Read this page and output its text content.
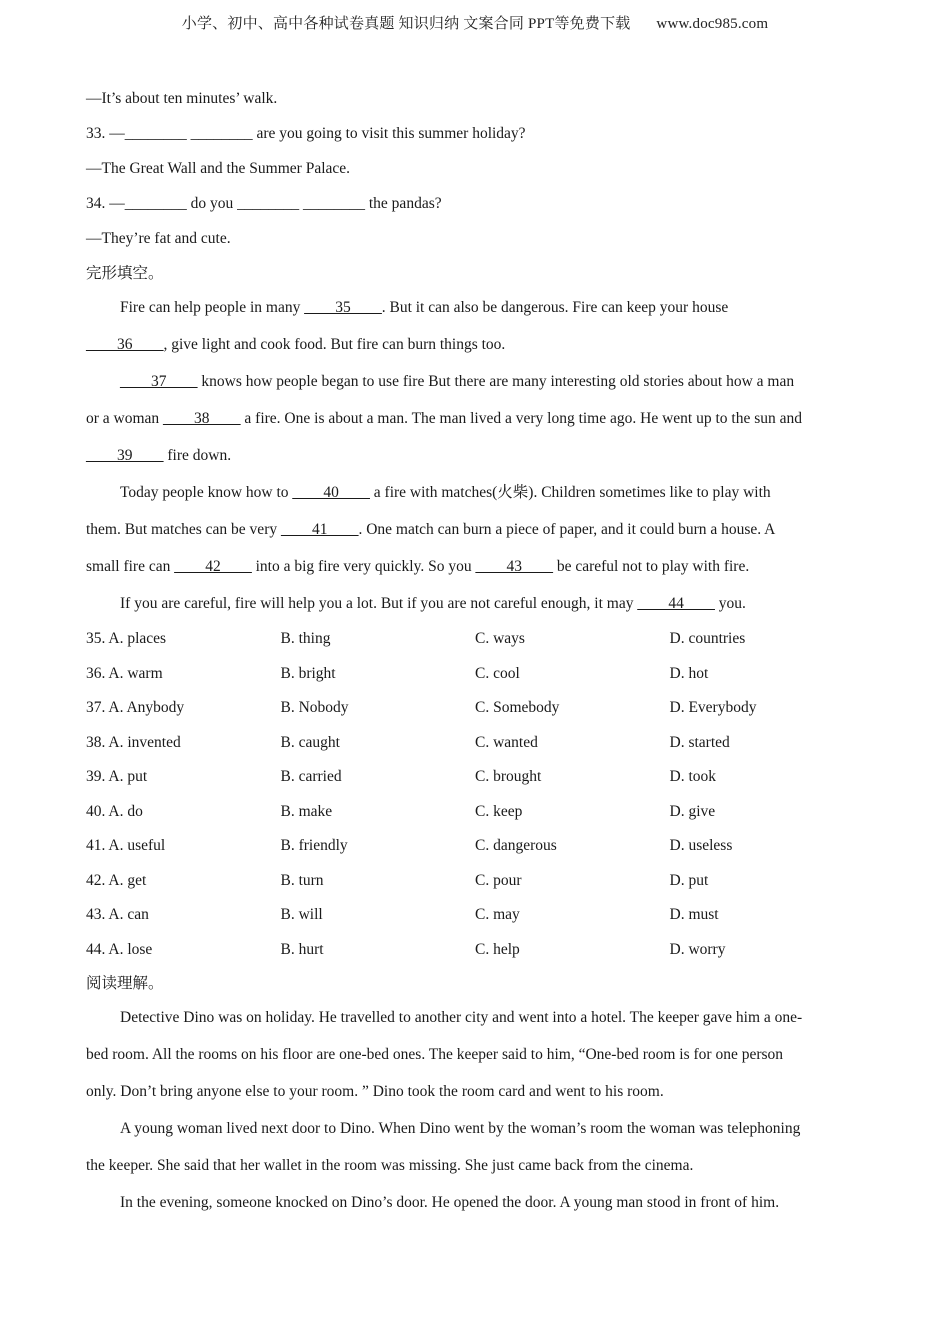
小学、初中、高中各种试卷真题 知识归纳 文案合同 PPT等免费下载 www.doc985.com
—It’s about ten minutes’ walk.
33. —________ ________ are you going to visit this summer holiday?
—The Great Wall and the Summer Palace.
34. —________ do you ________ ________ the pandas?
—They’re fat and cute.
完形填空。
Fire can help people in many ____35____. But it can also be dangerous. Fire can keep your house
____36____, give light and cook food. But fire can burn things too.
____37____ knows how people began to use fire But there are many interesting old stories about how a man
or a woman ____38____ a fire. One is about a man. The man lived a very long time ago. He went up to the sun and
____39____ fire down.
Today people know how to ____40____ a fire with matches(火柴). Children sometimes like to play with
them. But matches can be very ____41____. One match can burn a piece of paper, and it could burn a house. A
small fire can ____42____ into a big fire very quickly. So you ____43____ be careful not to play with fire.
If you are careful, fire will help you a lot. But if you are not careful enough, it may ____44____ you.
35. A. places	B. thing	C. ways	D. countries
36. A. warm	B. bright	C. cool	D. hot
37. A. Anybody	B. Nobody	C. Somebody	D. Everybody
38. A. invented	B. caught	C. wanted	D. started
39. A. put	B. carried	C. brought	D. took
40. A. do	B. make	C. keep	D. give
41. A. useful	B. friendly	C. dangerous	D. useless
42. A. get	B. turn	C. pour	D. put
43. A. can	B. will	C. may	D. must
44. A. lose	B. hurt	C. help	D. worry
阅读理解。
Detective Dino was on holiday. He travelled to another city and went into a hotel. The keeper gave him a one-
bed room. All the rooms on his floor are one-bed ones. The keeper said to him, “One-bed room is for one person
only. Don’t bring anyone else to your room. ” Dino took the room card and went to his room.
A young woman lived next door to Dino. When Dino went by the woman’s room the woman was telephoning
the keeper. She said that her wallet in the room was missing. She just came back from the cinema.
In the evening, someone knocked on Dino’s door. He opened the door. A young man stood in front of him.
